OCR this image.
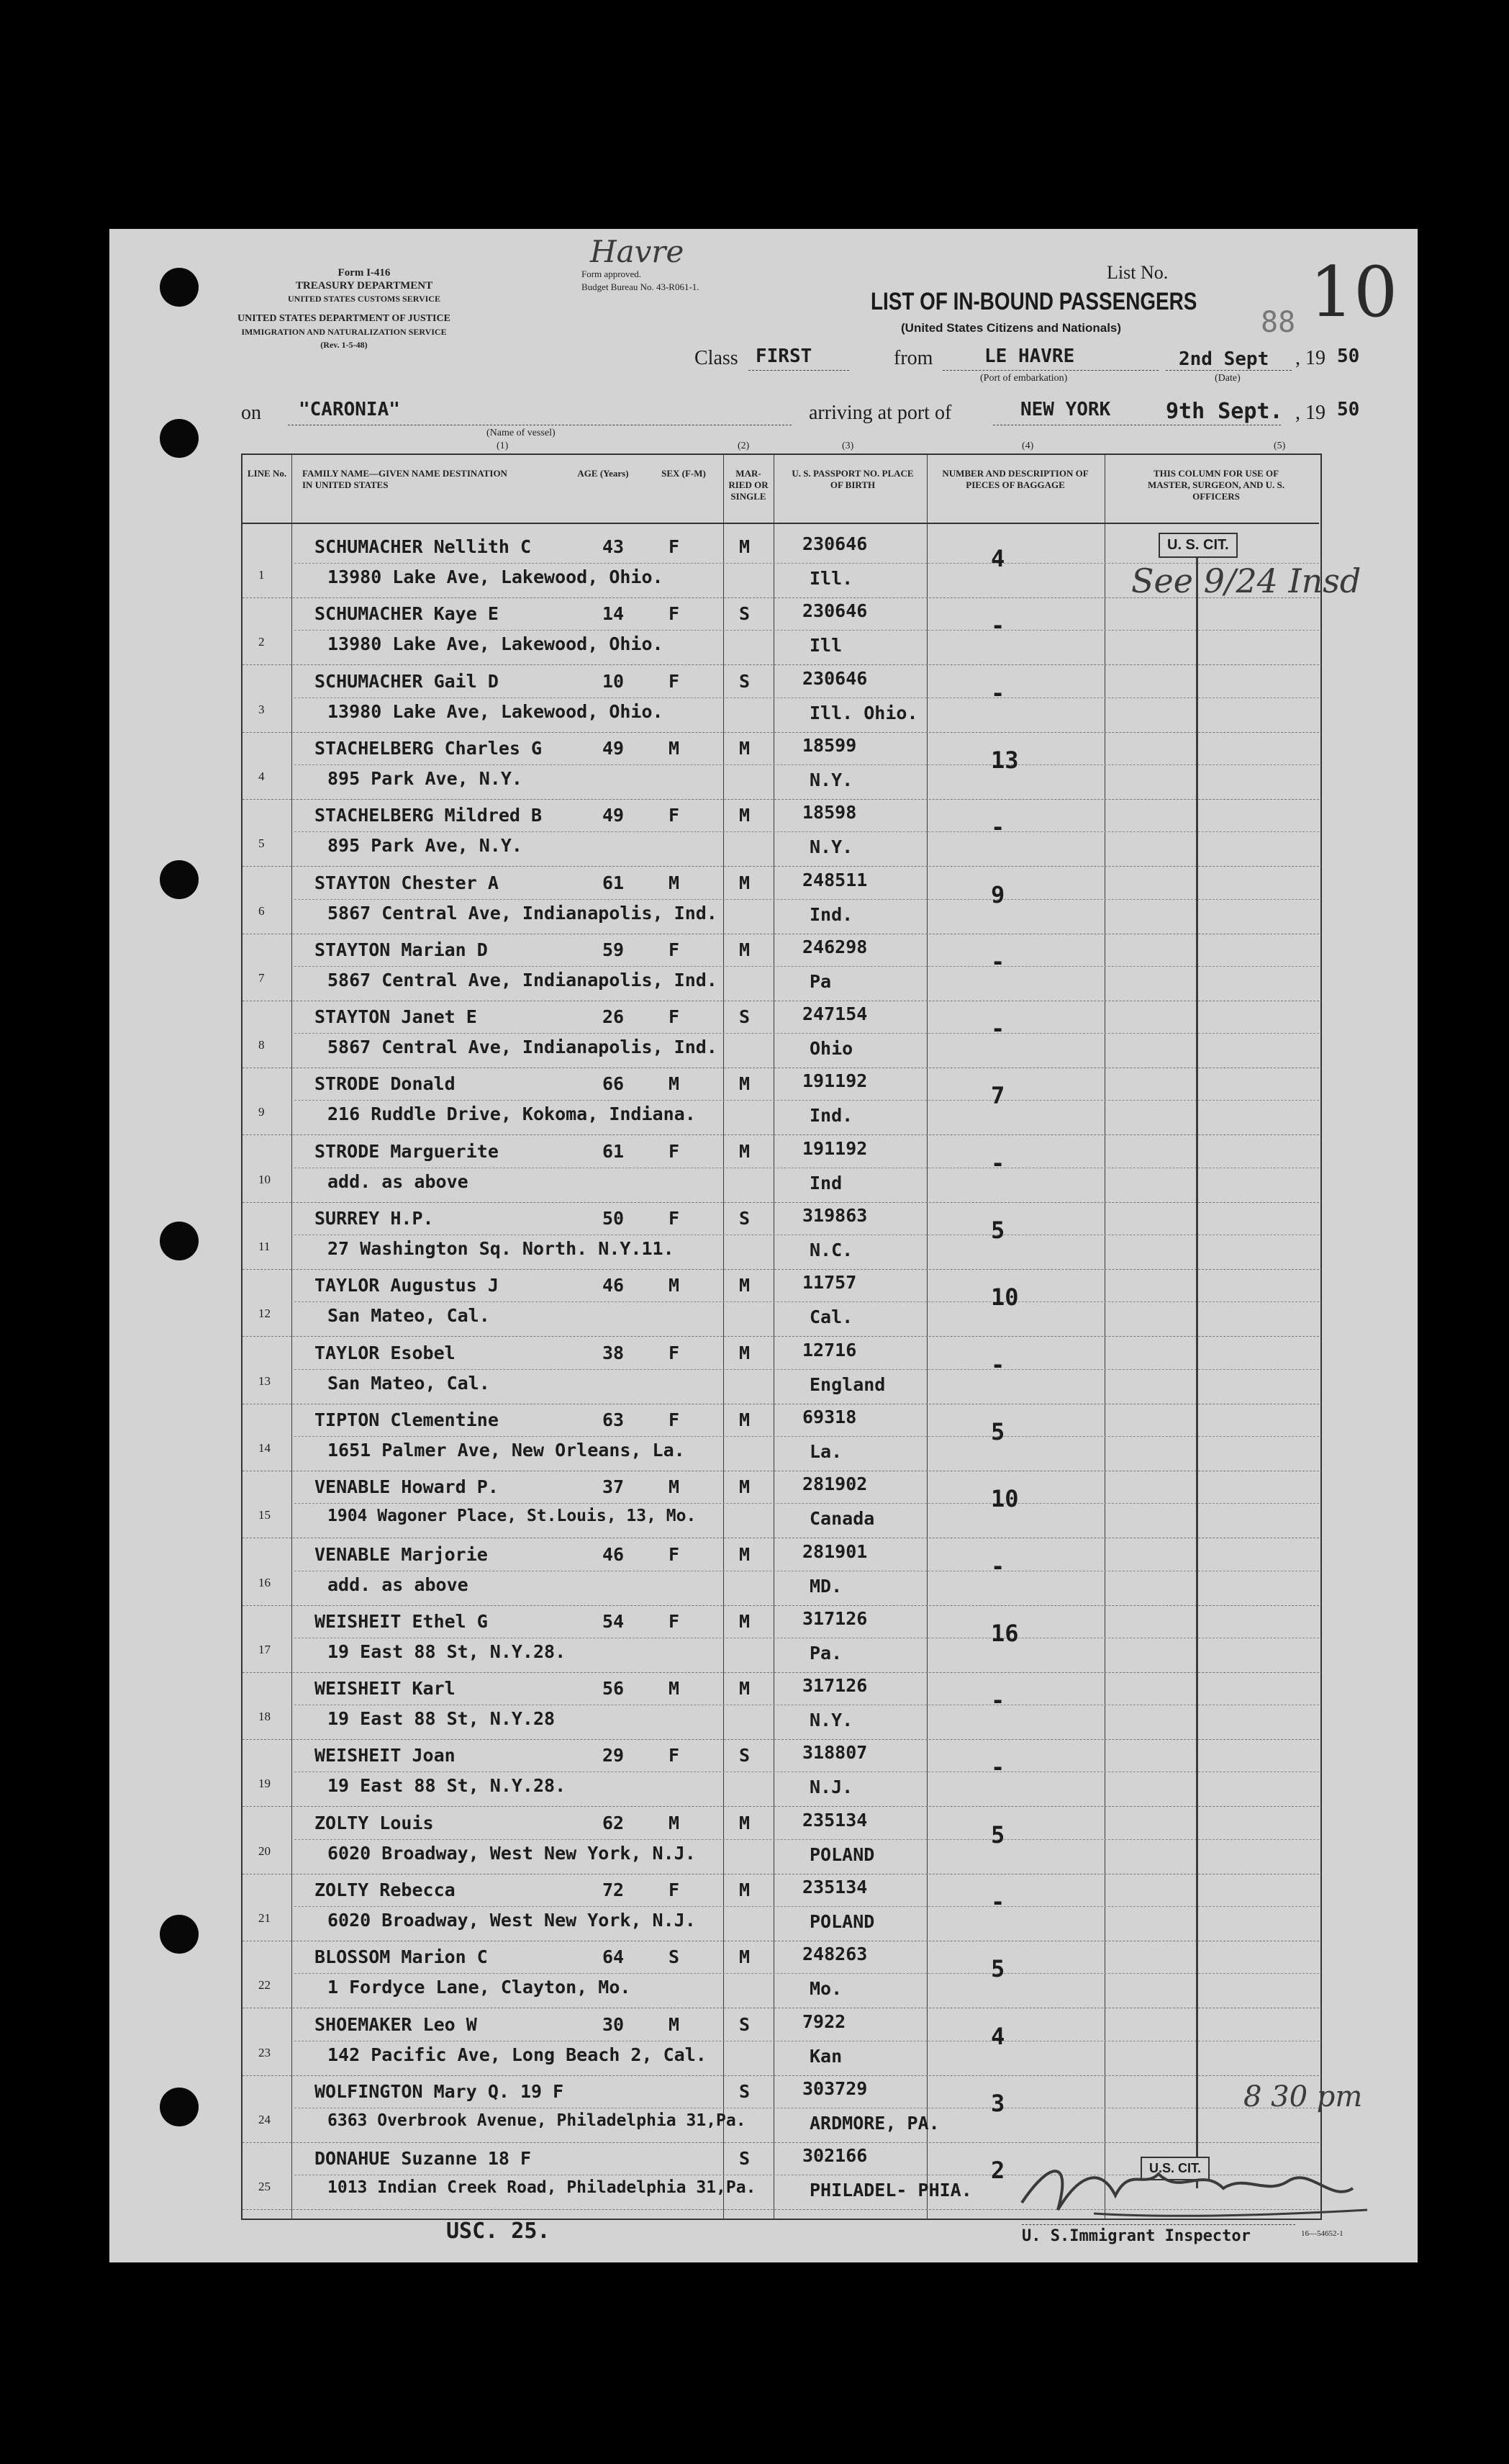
Form I-416
TREASURY DEPARTMENT
UNITED STATES CUSTOMS SERVICE
Form approved.
Budget Bureau No. 43-R061-1.
Havre
UNITED STATES DEPARTMENT OF JUSTICE
IMMIGRATION AND NATURALIZATION SERVICE
(Rev. 1-5-48)
List No.
88 10
LIST OF IN-BOUND PASSENGERS
(United States Citizens and Nationals)
Class FIRST	from	LE HAVRE
(Port of embarkation)
2nd Sept
(Date)
, 19 50
on "CARONIA"
(Name of vessel)
arriving at port of	NEW YORK	9th Sept. , 19 50
(1)	(2)	(3)	(4)	(5)
LINE No.	FAMILY NAME—GIVEN NAME DESTINATION IN UNITED STATES
AGE (Years)	SEX (F-M)	MAR- RIED OR SINGLE
U. S. PASSPORT NO. PLACE OF BIRTH
NUMBER AND DESCRIPTION OF PIECES OF BAGGAGE
THIS COLUMN FOR USE OF MASTER, SURGEON, AND U. S. OFFICERS
1
SCHUMACHER Nellith C
13980 Lake Ave, Lakewood, Ohio.
43 F	M	230646
Ill.
4
2
SCHUMACHER Kaye E
13980 Lake Ave, Lakewood, Ohio.
14 F	S	230646
Ill
-
3
SCHUMACHER Gail D
13980 Lake Ave, Lakewood, Ohio.
10 F	S	230646
Ill. Ohio.
-
4
STACHELBERG Charles G
895 Park Ave, N.Y.
49 M	M	18599
N.Y.
13
5
STACHELBERG Mildred B
895 Park Ave, N.Y.
49 F	M	18598
N.Y.
-
6
STAYTON Chester A
5867 Central Ave, Indianapolis, Ind.
61 M	M	248511
Ind.
9
7
STAYTON Marian D
5867 Central Ave, Indianapolis, Ind.
59 F	M	246298
Pa
-
8
STAYTON Janet E
5867 Central Ave, Indianapolis, Ind.
26 F	S	247154
Ohio
-
9
STRODE Donald
216 Ruddle Drive, Kokoma, Indiana.
66 M	M	191192
Ind.
7
10
STRODE Marguerite
add. as above
61 F	M	191192
Ind
-
11
SURREY H.P.
27 Washington Sq. North. N.Y.11.
50 F	S	319863
N.C.
5
12
TAYLOR Augustus J
San Mateo, Cal.
46 M	M	11757
Cal.
10
13
TAYLOR Esobel
San Mateo, Cal.
38 F	M	12716
England
-
14
TIPTON Clementine
1651 Palmer Ave, New Orleans, La.
63 F	M	69318
La.
5
15
VENABLE Howard P.
1904 Wagoner Place, St.Louis, 13, Mo.
37 M	M	281902
Canada
10
16
VENABLE Marjorie
add. as above
46 F	M	281901
MD.
-
17
WEISHEIT Ethel G
19 East 88 St, N.Y.28.
54 F	M	317126
Pa.
16
18
WEISHEIT Karl
19 East 88 St, N.Y.28
56 M	M	317126
N.Y.
-
19
WEISHEIT Joan
19 East 88 St, N.Y.28.
29 F	S	318807
N.J.
-
20
ZOLTY Louis
6020 Broadway, West New York, N.J.
62 M	M	235134
POLAND
5
21
ZOLTY Rebecca
6020 Broadway, West New York, N.J.
72 F	M	235134
POLAND
-
22
BLOSSOM Marion C
1 Fordyce Lane, Clayton, Mo.
64 S	M	248263
Mo.
5
23
SHOEMAKER Leo W
142 Pacific Ave, Long Beach 2, Cal.
30 M	S	7922
Kan
4
24
WOLFINGTON Mary Q. 19 F
6363 Overbrook Avenue, Philadelphia 31,Pa.
S	303729
ARDMORE, PA.
3
25
DONAHUE Suzanne 18 F
1013 Indian Creek Road, Philadelphia 31,Pa.
S	302166
PHILADEL- PHIA.
2
U. S. CIT.
See 9/24 Insd
8 30 pm
U.S. CIT.
USC. 25.	U. S.Immigrant Inspector	16—54652-1
